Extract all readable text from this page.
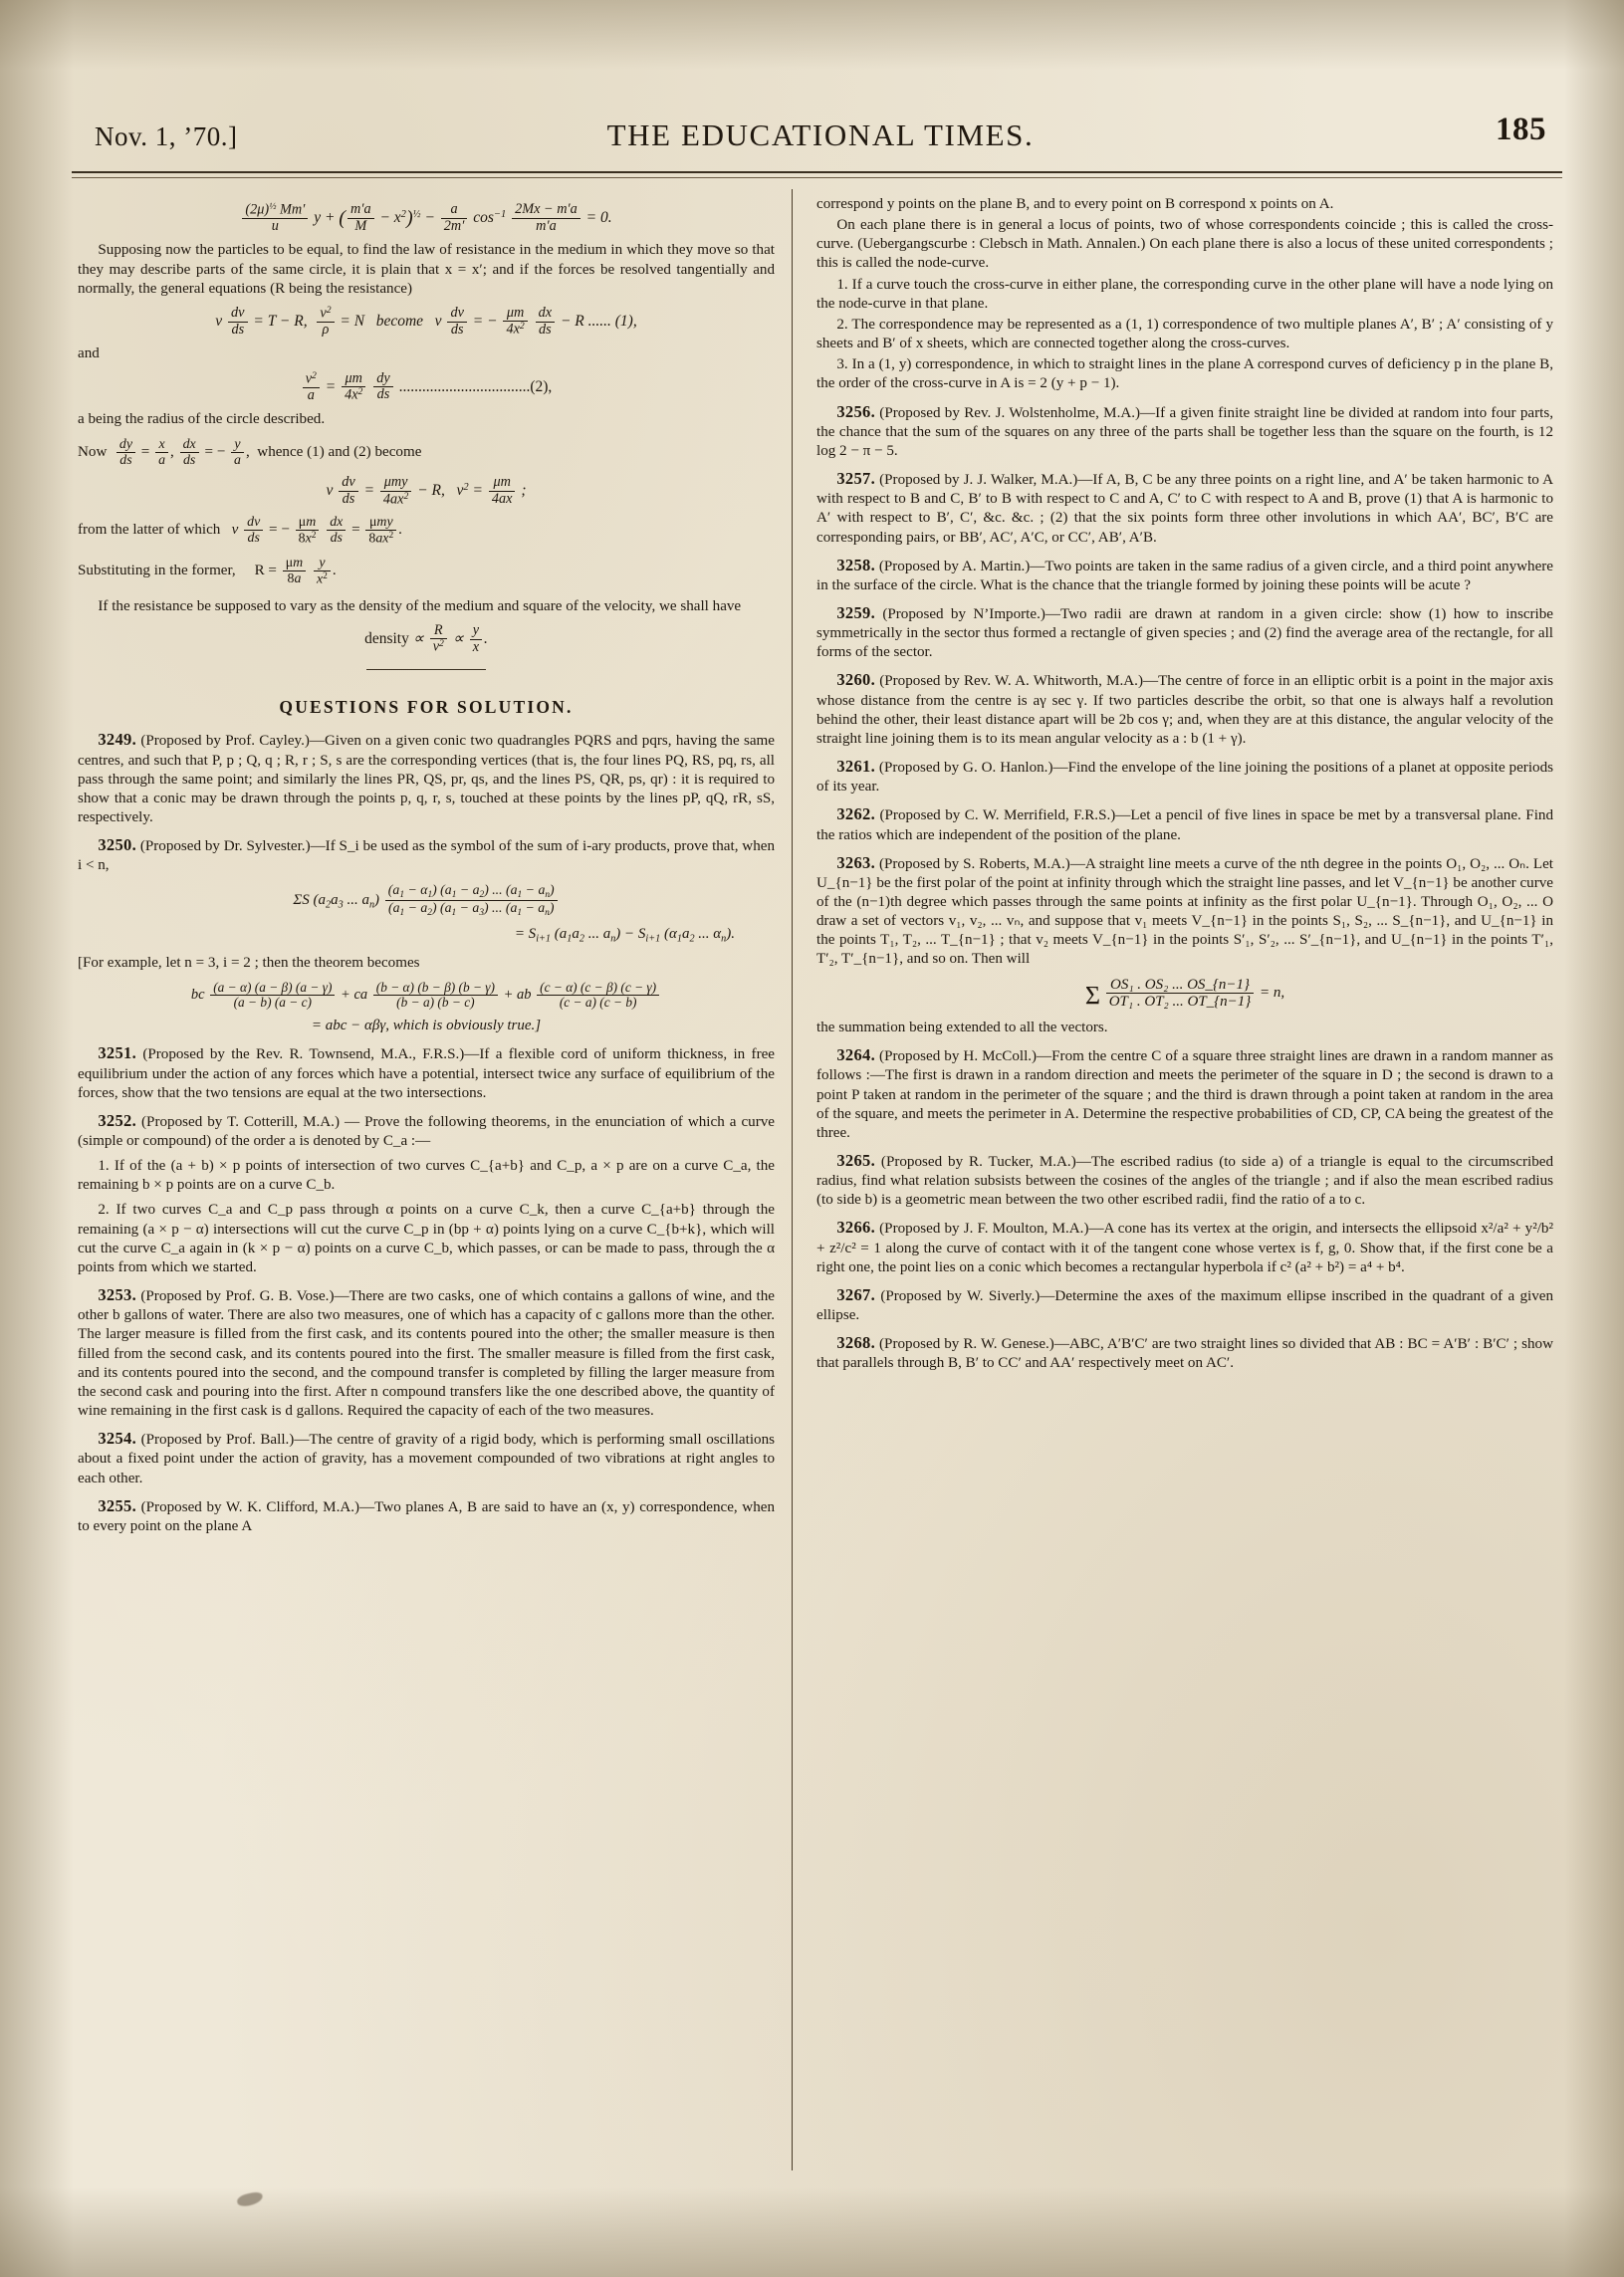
Nov. 1, ’70.]	THE EDUCATIONAL TIMES.	185
$\frac{(2\mu)^{\frac{1}{2}} Mm'}{u}$ y + ( $\frac{m'a}{M} - x^2)^{\frac{1}{2}} - \frac{a}{2m'} \cos^{-1} \frac{2Mx - m'a}{m'a} = 0$.

Supposing now the particles to be equal, to find the law of resistance in the medium in which they move so that they may describe parts of the same circle, it is plain that x = x′; and if the forces be resolved tangentially and normally, the general equations (R being the resistance)

v $\frac{dv}{ds} = T - R$, $\frac{v^2}{\rho} = N$   become   v $\frac{dv}{ds}$ = − $\frac{\mu m}{4x^2}$
$\frac{dx}{ds} - R$ ...... (1),

and

$\frac{v^2}{a} = \frac{\mu m}{4x^2}$
$\frac{dy}{ds} ..................................(2)$,

a being the radius of the circle described.

Now $\frac{dy}{ds} = \frac{x}{a}$ , $\frac{dx}{ds}$ = − $\frac{y}{a}$ ,  whence (1) and (2) become

v $\frac{dv}{ds} = \frac{\text{μmy}}{4ax^2} - R$,   $v^2 = \frac{\mu m}{4ax}$ ;

from the latter of which v $\frac{dv}{ds}$ = − $\frac{\mu m}{8x^2}$
$\frac{dx}{ds} = \frac{\text{μmy}}{8ax^2}$ .

Substituting in the former,     $R = \frac{\mu m}{8a}$
$\frac{y}{x^2}$ .

If the resistance be supposed to vary as the density of the medium and square of the velocity, we shall have

density ∝ $\frac{R}{v^2} \propto \frac{y}{x}$ .

QUESTIONS FOR SOLUTION.

3249. (Proposed by Prof. Cayley.)—Given on a given conic two quadrangles PQRS and pqrs, having the same centres, and such that P, p ; Q, q ; R, r ; S, s are the corresponding vertices (that is, the four lines PQ, RS, pq, rs, all pass through the same point; and similarly the lines PR, QS, pr, qs, and the lines PS, QR, ps, qr) : it is required to show that a conic may be drawn through the points p, q, r, s, touched at these points by the lines pP, qQ, rR, sS, respectively.

3250. (Proposed by Dr. Sylvester.)—If S_i be used as the symbol of the sum of i-ary products, prove that, when i < n,

ΣS ($a_2a_3$ ... $a_n) \frac{(a_1 - \alpha_1) (a_1 - a_2) ... (a_1 - a_n)}{(a_1 - a_2) (a_1 - a_3) ... (a_1 - a_n)}$
= $S_{i+1}$ ($a_1a_2$ ... $a_n) - S_{i+1}$ ($\alpha_1a_2$ ... $\alpha_n$).

[For example, let n = 3, i = 2 ; then the theorem becomes

bc $\frac{(a - \alpha) (a - \beta) (a - \gamma)}{(a - b) (a - c)}$ + ca $\frac{(b - \alpha) (b - \beta) (b - \gamma)}{(b - a) (b - c)}$ + ab $\frac{(c - \alpha) (c - \beta) (c - \gamma)}{(c - a) (c - b)}$
= abc − αβγ, which is obviously true.]

3251. (Proposed by the Rev. R. Townsend, M.A., F.R.S.)—If a flexible cord of uniform thickness, in free equilibrium under the action of any forces which have a potential, intersect twice any surface of equilibrium of the forces, show that the two tensions are equal at the two intersections.

3252. (Proposed by T. Cotterill, M.A.) — Prove the following theorems, in the enunciation of which a curve (simple or compound) of the order a is denoted by C_a :—

1. If of the (a + b) × p points of intersection of two curves C_{a+b} and C_p, a × p are on a curve C_a, the remaining b × p points are on a curve C_b.

2. If two curves C_a and C_p pass through α points on a curve C_k, then a curve C_{a+b} through the remaining (a × p − α) intersections will cut the curve C_p in (bp + α) points lying on a curve C_{b+k}, which will cut the curve C_a again in (k × p − α) points on a curve C_b, which passes, or can be made to pass, through the α points from which we started.

3253. (Proposed by Prof. G. B. Vose.)—There are two casks, one of which contains a gallons of wine, and the other b gallons of water. There are also two measures, one of which has a capacity of c gallons more than the other. The larger measure is filled from the first cask, and its contents poured into the other; the smaller measure is then filled from the second cask, and its contents poured into the first. The smaller measure is filled from the first cask, and its contents poured into the second, and the compound transfer is completed by filling the larger measure from the second cask and pouring into the first. After n compound transfers like the one described above, the quantity of wine remaining in the first cask is d gallons. Required the capacity of each of the two measures.

3254. (Proposed by Prof. Ball.)—The centre of gravity of a rigid body, which is performing small oscillations about a fixed point under the action of gravity, has a movement compounded of two vibrations at right angles to each other.

3255. (Proposed by W. K. Clifford, M.A.)—Two planes A, B are said to have an (x, y) correspondence, when to every point on the plane A

correspond y points on the plane B, and to every point on B correspond x points on A.

On each plane there is in general a locus of points, two of whose correspondents coincide ; this is called the cross-curve. (Uebergangscurbe : Clebsch in Math. Annalen.) On each plane there is also a locus of these united correspondents ; this is called the node-curve.

1. If a curve touch the cross-curve in either plane, the corresponding curve in the other plane will have a node lying on the node-curve in that plane.

2. The correspondence may be represented as a (1, 1) correspondence of two multiple planes A′, B′ ; A′ consisting of y sheets and B′ of x sheets, which are connected together along the cross-curves.

3. In a (1, y) correspondence, in which to straight lines in the plane A correspond curves of deficiency p in the plane B, the order of the cross-curve in A is = 2 (y + p − 1).

3256. (Proposed by Rev. J. Wolstenholme, M.A.)—If a given finite straight line be divided at random into four parts, the chance that the sum of the squares on any three of the parts shall be together less than the square on the fourth, is 12 log 2 − π − 5.

3257. (Proposed by J. J. Walker, M.A.)—If A, B, C be any three points on a right line, and A′ be taken harmonic to A with respect to B and C, B′ to B with respect to C and A, C′ to C with respect to A and B, prove (1) that A is harmonic to A′ with respect to B′, C′, &c. &c. ; (2) that the six points form three other involutions in which AA′, BC′, B′C are corresponding pairs, or BB′, AC′, A′C, or CC′, AB′, A′B.

3258. (Proposed by A. Martin.)—Two points are taken in the same radius of a given circle, and a third point anywhere in the surface of the circle. What is the chance that the triangle formed by joining these points will be acute ?

3259. (Proposed by N’Importe.)—Two radii are drawn at random in a given circle: show (1) how to inscribe symmetrically in the sector thus formed a rectangle of given species ; and (2) find the average area of the rectangle, for all forms of the sector.

3260. (Proposed by Rev. W. A. Whitworth, M.A.)—The centre of force in an elliptic orbit is a point in the major axis whose distance from the centre is aγ sec γ. If two particles describe the orbit, so that one is always half a revolution behind the other, their least distance apart will be 2b cos γ; and, when they are at this distance, the angular velocity of the straight line joining them is to its mean angular velocity as a : b (1 + γ).

3261. (Proposed by G. O. Hanlon.)—Find the envelope of the line joining the positions of a planet at opposite periods of its year.

3262. (Proposed by C. W. Merrifield, F.R.S.)—Let a pencil of five lines in space be met by a transversal plane. Find the ratios which are independent of the position of the plane.

3263. (Proposed by S. Roberts, M.A.)—A straight line meets a curve of the nth degree in the points O₁, O₂, ... Oₙ. Let U_{n−1} be the first polar of the point at infinity through which the straight line passes, and let V_{n−1} be another curve of the (n−1)th degree which passes through the same points at infinity as the first polar U_{n−1}. Through O₁, O₂, ... O draw a set of vectors v₁, v₂, ... vₙ, and suppose that v₁ meets V_{n−1} in the points S₁, S₂, ... S_{n−1}, and U_{n−1} in the points T₁, T₂, ... T_{n−1} ; that v₂ meets V_{n−1} in the points S′₁, S′₂, ... S′_{n−1}, and U_{n−1} in the points T′₁, T′₂, T′_{n−1}, and so on. Then will

Σ $\frac{\text{OS₁ . OS₂ ... OS\_\{n−1\}}}{\text{OT₁ . OT₂ ... OT\_\{n−1\}}} = n$,

the summation being extended to all the vectors.

3264. (Proposed by H. McColl.)—From the centre C of a square three straight lines are drawn in a random manner as follows :—The first is drawn in a random direction and meets the perimeter of the square in D ; the second is drawn to a point P taken at random in the perimeter of the square ; and the third is drawn through a point taken at random in the area of the square, and meets the perimeter in A. Determine the respective probabilities of CD, CP, CA being the greatest of the three.

3265. (Proposed by R. Tucker, M.A.)—The escribed radius (to side a) of a triangle is equal to the circumscribed radius, find what relation subsists between the cosines of the angles of the triangle ; and if also the mean escribed radius (to side b) is a geometric mean between the two other escribed radii, find the ratio of a to c.

3266. (Proposed by J. F. Moulton, M.A.)—A cone has its vertex at the origin, and intersects the ellipsoid x²/a² + y²/b² + z²/c² = 1 along the curve of contact with it of the tangent cone whose vertex is f, g, 0. Show that, if the first cone be a right one, the point lies on a conic which becomes a rectangular hyperbola if c² (a² + b²) = a⁴ + b⁴.

3267. (Proposed by W. Siverly.)—Determine the axes of the maximum ellipse inscribed in the quadrant of a given ellipse.

3268. (Proposed by R. W. Genese.)—ABC, A′B′C′ are two straight lines so divided that AB : BC = A′B′ : B′C′ ; show that parallels through B, B′ to CC′ and AA′ respectively meet on AC′.
